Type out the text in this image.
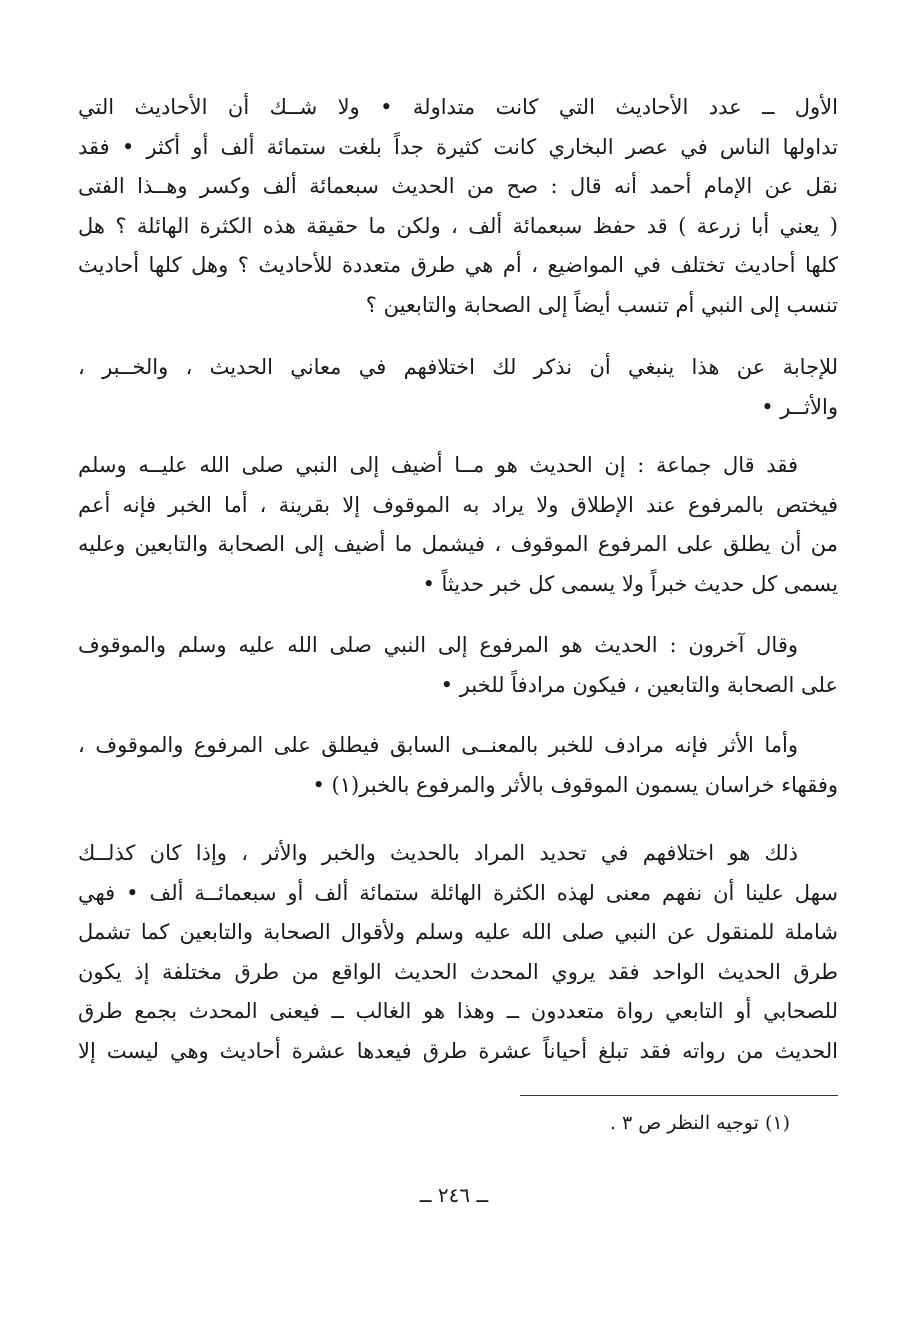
الأول ــ عدد الأحاديث التي كانت متداولة • ولا شــك أن الأحاديث التي
تداولها الناس في عصر البخاري كانت كثيرة جداً بلغت ستمائة ألف أو أكثر • فقد
نقل عن الإمام أحمد أنه قال : صح من الحديث سبعمائة ألف وكسر وهــذا الفتى
( يعني أبا زرعة ) قد حفظ سبعمائة ألف ، ولكن ما حقيقة هذه الكثرة الهائلة ؟ هل
كلها أحاديث تختلف في المواضيع ، أم هي طرق متعددة للأحاديث ؟ وهل كلها أحاديث
تنسب إلى النبي أم تنسب أيضاً إلى الصحابة والتابعين ؟
للإجابة عن هذا ينبغي أن نذكر لك اختلافهم في معاني الحديث ، والخــبر ،
والأثــر •
فقد قال جماعة : إن الحديث هو مــا أضيف إلى النبي صلى الله عليــه وسلم
فيختص بالمرفوع عند الإطلاق ولا يراد به الموقوف إلا بقرينة ، أما الخبر فإنه أعم
من أن يطلق على المرفوع الموقوف ، فيشمل ما أضيف إلى الصحابة والتابعين وعليه
يسمى كل حديث خبراً ولا يسمى كل خبر حديثاً •
وقال آخرون : الحديث هو المرفوع إلى النبي صلى الله عليه وسلم والموقوف
على الصحابة والتابعين ، فيكون مرادفاً للخبر •
وأما الأثر فإنه مرادف للخبر بالمعنــى السابق فيطلق على المرفوع والموقوف ،
وفقهاء خراسان يسمون الموقوف بالأثر والمرفوع بالخبر(١) •
ذلك هو اختلافهم في تحديد المراد بالحديث والخبر والأثر ، وإذا كان كذلــك
سهل علينا أن نفهم معنى لهذه الكثرة الهائلة ستمائة ألف أو سبعمائــة ألف • فهي
شاملة للمنقول عن النبي صلى الله عليه وسلم ولأقوال الصحابة والتابعين كما تشمل
طرق الحديث الواحد فقد يروي المحدث الحديث الواقع من طرق مختلفة إذ يكون
للصحابي أو التابعي رواة متعددون ــ وهذا هو الغالب ــ فيعنى المحدث بجمع طرق
الحديث من رواته فقد تبلغ أحياناً عشرة طرق فيعدها عشرة أحاديث وهي ليست إلا
(١) توجيه النظر ص ٣ .
ــ ٢٤٦ ــ
